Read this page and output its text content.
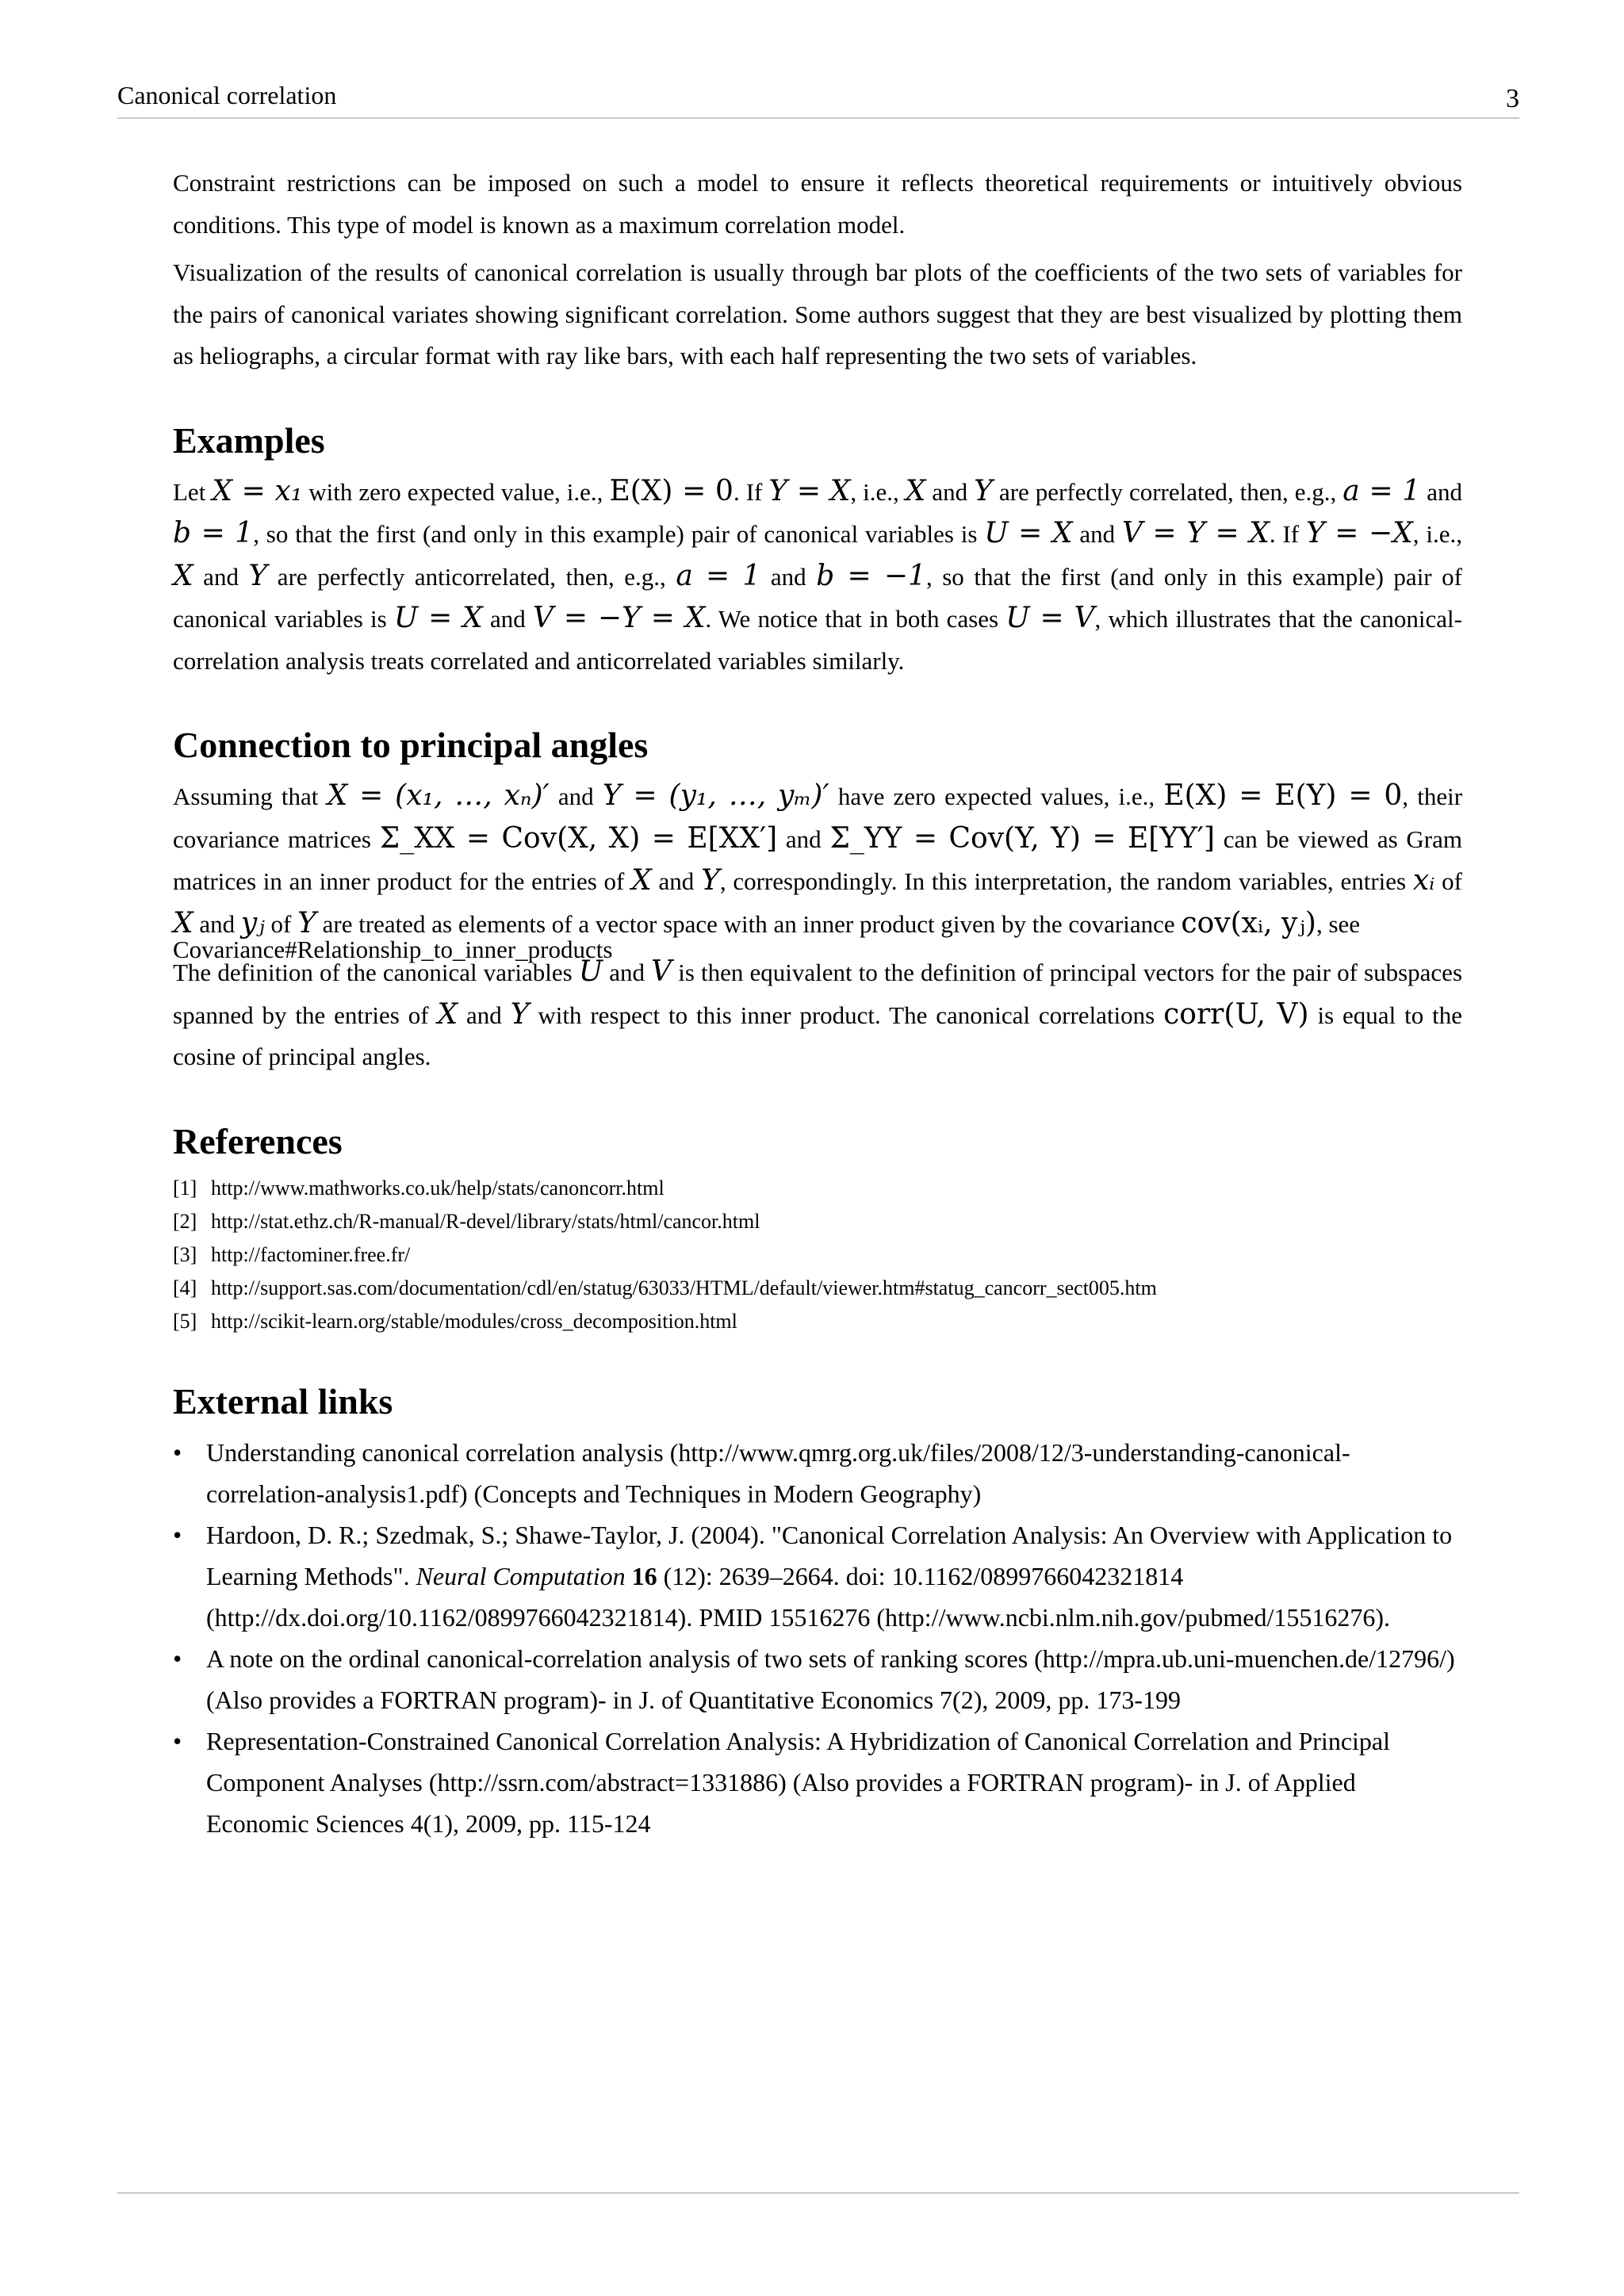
Canonical correlation	3

Constraint restrictions can be imposed on such a model to ensure it reflects theoretical requirements or intuitively obvious conditions. This type of model is known as a maximum correlation model.

Visualization of the results of canonical correlation is usually through bar plots of the coefficients of the two sets of variables for the pairs of canonical variates showing significant correlation. Some authors suggest that they are best visualized by plotting them as heliographs, a circular format with ray like bars, with each half representing the two sets of variables.

Examples

Let X = x₁ with zero expected value, i.e., E(X) = 0. If Y = X, i.e., X and Y are perfectly correlated, then, e.g., a = 1 and b = 1, so that the first (and only in this example) pair of canonical variables is U = X and V = Y = X. If Y = −X, i.e., X and Y are perfectly anticorrelated, then, e.g., a = 1 and b = −1, so that the first (and only in this example) pair of canonical variables is U = X and V = −Y = X. We notice that in both cases U = V, which illustrates that the canonical-correlation analysis treats correlated and anticorrelated variables similarly.

Connection to principal angles

Assuming that X = (x₁, …, xₙ)′ and Y = (y₁, …, yₘ)′ have zero expected values, i.e., E(X) = E(Y) = 0, their covariance matrices Σ_XX = Cov(X, X) = E[XX′] and Σ_YY = Cov(Y, Y) = E[YY′] can be viewed as Gram matrices in an inner product for the entries of X and Y, correspondingly. In this interpretation, the random variables, entries xᵢ of X and yⱼ of Y are treated as elements of a vector space with an inner product given by the covariance cov(xᵢ, yⱼ), see

Covariance#Relationship_to_inner_products

The definition of the canonical variables U and V is then equivalent to the definition of principal vectors for the pair of subspaces spanned by the entries of X and Y with respect to this inner product. The canonical correlations corr(U, V) is equal to the cosine of principal angles.

References
[1] http://www.mathworks.co.uk/help/stats/canoncorr.html
[2] http://stat.ethz.ch/R-manual/R-devel/library/stats/html/cancor.html
[3] http://factominer.free.fr/
[4] http://support.sas.com/documentation/cdl/en/statug/63033/HTML/default/viewer.htm#statug_cancorr_sect005.htm
[5] http://scikit-learn.org/stable/modules/cross_decomposition.html
External links
• Understanding canonical correlation analysis (http://www.qmrg.org.uk/files/2008/12/3-understanding-canonical-correlation-analysis1.pdf) (Concepts and Techniques in Modern Geography)
• Hardoon, D. R.; Szedmak, S.; Shawe-Taylor, J. (2004). "Canonical Correlation Analysis: An Overview with Application to Learning Methods". Neural Computation 16 (12): 2639–2664. doi: 10.1162/0899766042321814 (http://dx.doi.org/10.1162/0899766042321814). PMID 15516276 (http://www.ncbi.nlm.nih.gov/pubmed/15516276).
• A note on the ordinal canonical-correlation analysis of two sets of ranking scores (http://mpra.ub.uni-muenchen.de/12796/) (Also provides a FORTRAN program)- in J. of Quantitative Economics 7(2), 2009, pp. 173-199
• Representation-Constrained Canonical Correlation Analysis: A Hybridization of Canonical Correlation and Principal Component Analyses (http://ssrn.com/abstract=1331886) (Also provides a FORTRAN program)- in J. of Applied Economic Sciences 4(1), 2009, pp. 115-124
